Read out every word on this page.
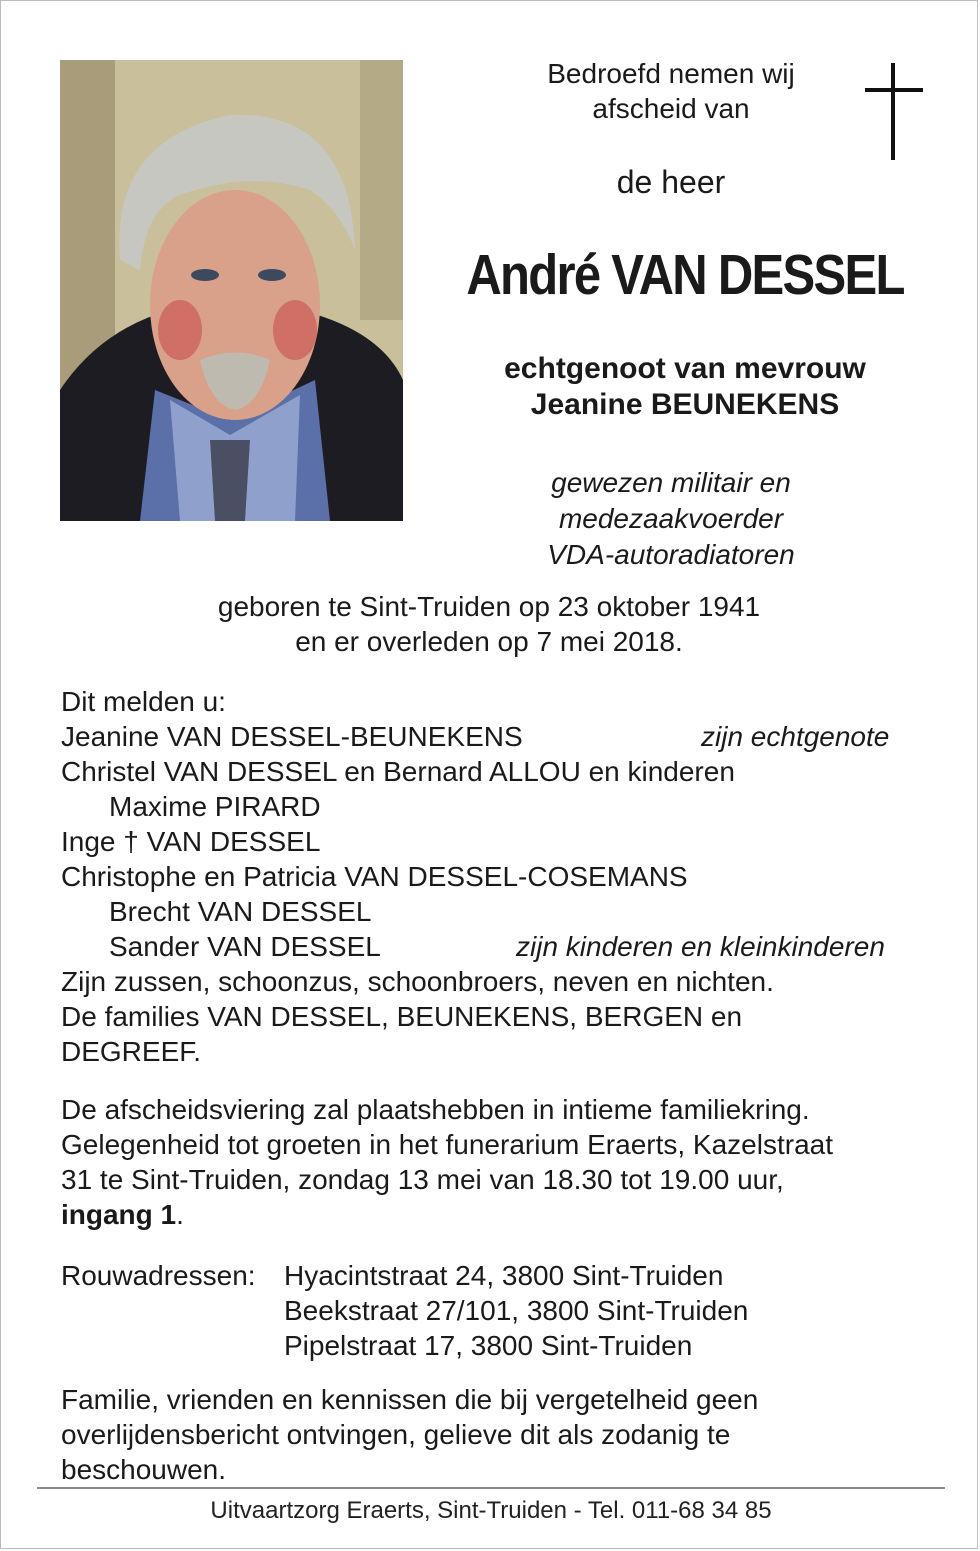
Bedroefd nemen wij
afscheid van
de heer
André VAN DESSEL
echtgenoot van mevrouw
Jeanine BEUNEKENS
gewezen militair en
medezaakvoerder
VDA-autoradiatoren
geboren te Sint-Truiden op 23 oktober 1941
en er overleden op 7 mei 2018.
Dit melden u:
Jeanine VAN DESSEL-BEUNEKENS	zijn echtgenote
Christel VAN DESSEL en Bernard ALLOU en kinderen
Maxime PIRARD
Inge † VAN DESSEL
Christophe en Patricia VAN DESSEL-COSEMANS
Brecht VAN DESSEL
Sander VAN DESSEL	zijn kinderen en kleinkinderen
Zijn zussen, schoonzus, schoonbroers, neven en nichten.
De families VAN DESSEL, BEUNEKENS, BERGEN en
DEGREEF.
De afscheidsviering zal plaatshebben in intieme familiekring.
Gelegenheid tot groeten in het funerarium Eraerts, Kazelstraat
31 te Sint-Truiden, zondag 13 mei van 18.30 tot 19.00 uur,
ingang 1.
Rouwadressen: Hyacintstraat 24, 3800 Sint-Truiden
Beekstraat 27/101, 3800 Sint-Truiden
Pipelstraat 17, 3800 Sint-Truiden
Familie, vrienden en kennissen die bij vergetelheid geen
overlijdensbericht ontvingen, gelieve dit als zodanig te
beschouwen.
Uitvaartzorg Eraerts, Sint-Truiden - Tel. 011-68 34 85
